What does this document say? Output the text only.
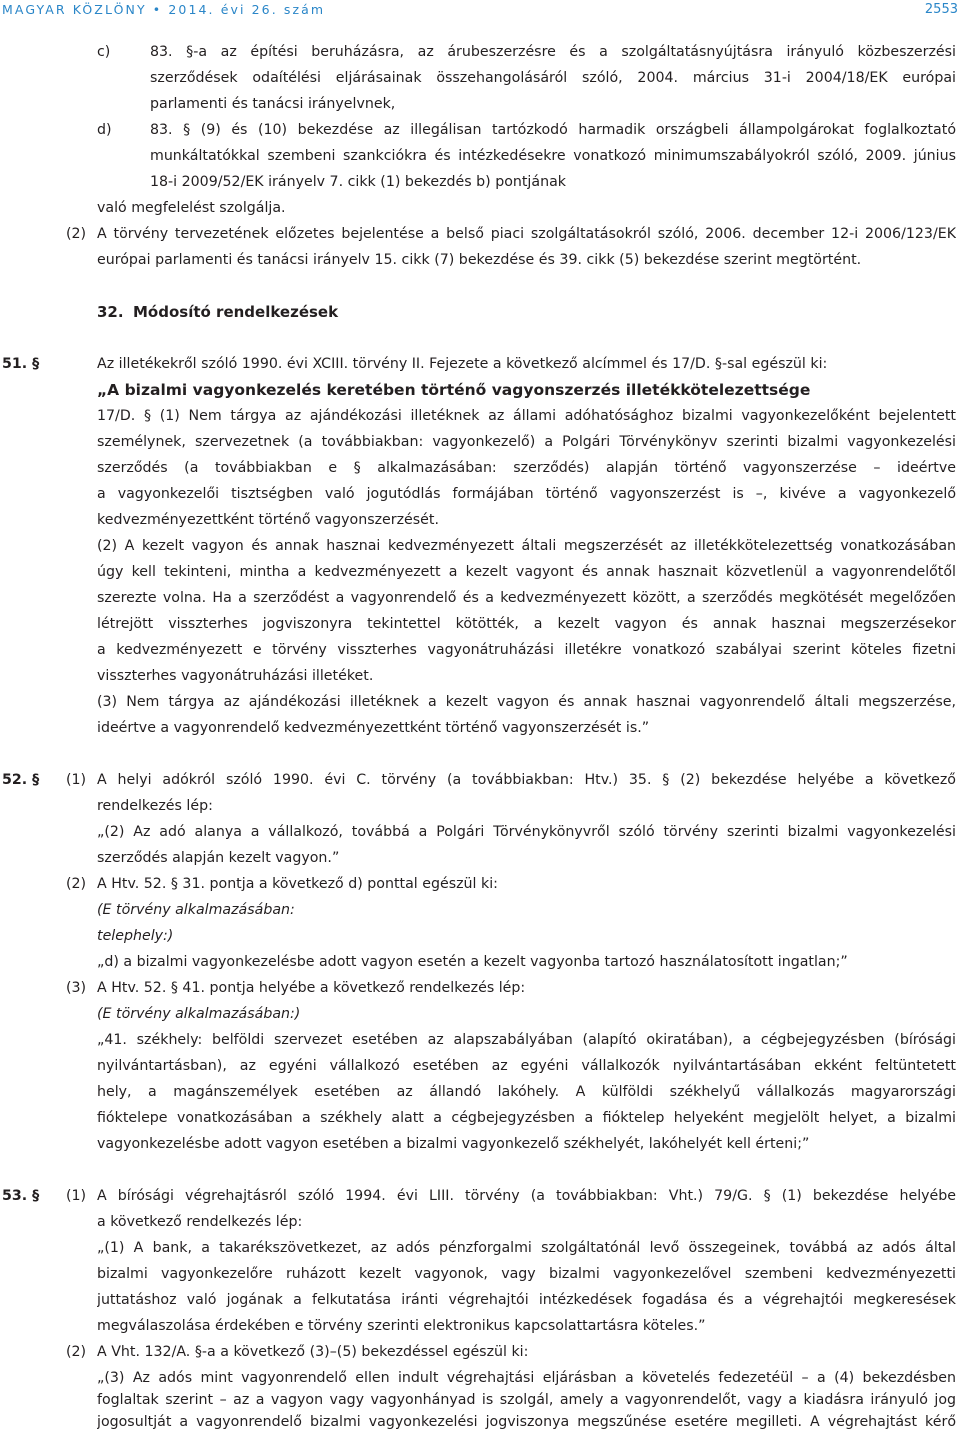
MAGYAR KÖZLÖNY • 2014. évi 26. szám	2553
c)	83. §-a az építési beruházásra, az árubeszerzésre és a szolgáltatásnyújtásra irányuló közbeszerzési
szerződések odaítélési eljárásainak összehangolásáról szóló, 2004. március 31-i 2004/18/EK európai
parlamenti és tanácsi irányelvnek,
d)	83. § (9) és (10) bekezdése az illegálisan tartózkodó harmadik országbeli állampolgárokat foglalkoztató
munkáltatókkal szembeni szankciókra és intézkedésekre vonatkozó minimumszabályokról szóló, 2009. június
18-i 2009/52/EK irányelv 7. cikk (1) bekezdés b) pontjának
való megfelelést szolgálja.
(2) A törvény tervezetének előzetes bejelentése a belső piaci szolgáltatásokról szóló, 2006. december 12-i 2006/123/EK
európai parlamenti és tanácsi irányelv 15. cikk (7) bekezdése és 39. cikk (5) bekezdése szerint megtörtént.
32. Módosító rendelkezések
51. §	Az illetékekről szóló 1990. évi XCIII. törvény II. Fejezete a következő alcímmel és 17/D. §-sal egészül ki:
„A bizalmi vagyonkezelés keretében történő vagyonszerzés illetékkötelezettsége
17/D. § (1) Nem tárgya az ajándékozási illetéknek az állami adóhatósághoz bizalmi vagyonkezelőként bejelentett
személynek, szervezetnek (a továbbiakban: vagyonkezelő) a Polgári Törvénykönyv szerinti bizalmi vagyonkezelési
szerződés (a továbbiakban e § alkalmazásában: szerződés) alapján történő vagyonszerzése – ideértve
a vagyonkezelői tisztségben való jogutódlás formájában történő vagyonszerzést is –, kivéve a vagyonkezelő
kedvezményezettként történő vagyonszerzését.
(2) A kezelt vagyon és annak hasznai kedvezményezett általi megszerzését az illetékkötelezettség vonatkozásában
úgy kell tekinteni, mintha a kedvezményezett a kezelt vagyont és annak hasznait közvetlenül a vagyonrendelőtől
szerezte volna. Ha a szerződést a vagyonrendelő és a kedvezményezett között, a szerződés megkötését megelőzően
létrejött visszterhes jogviszonyra tekintettel kötötték, a kezelt vagyon és annak hasznai megszerzésekor
a kedvezményezett e törvény visszterhes vagyonátruházási illetékre vonatkozó szabályai szerint köteles fizetni
visszterhes vagyonátruházási illetéket.
(3) Nem tárgya az ajándékozási illetéknek a kezelt vagyon és annak hasznai vagyonrendelő általi megszerzése,
ideértve a vagyonrendelő kedvezményezettként történő vagyonszerzését is.”
52. § (1) A helyi adókról szóló 1990. évi C. törvény (a továbbiakban: Htv.) 35. § (2) bekezdése helyébe a következő
rendelkezés lép:
„(2) Az adó alanya a vállalkozó, továbbá a Polgári Törvénykönyvről szóló törvény szerinti bizalmi vagyonkezelési
szerződés alapján kezelt vagyon.”
(2) A Htv. 52. § 31. pontja a következő d) ponttal egészül ki:
(E törvény alkalmazásában:
telephely:)
„d) a bizalmi vagyonkezelésbe adott vagyon esetén a kezelt vagyonba tartozó használatosított ingatlan;”
(3) A Htv. 52. § 41. pontja helyébe a következő rendelkezés lép:
(E törvény alkalmazásában:)
„41. székhely: belföldi szervezet esetében az alapszabályában (alapító okiratában), a cégbejegyzésben (bírósági
nyilvántartásban), az egyéni vállalkozó esetében az egyéni vállalkozók nyilvántartásában ekként feltüntetett
hely, a magánszemélyek esetében az állandó lakóhely. A külföldi székhelyű vállalkozás magyarországi
fióktelepe vonatkozásában a székhely alatt a cégbejegyzésben a fióktelep helyeként megjelölt helyet, a bizalmi
vagyonkezelésbe adott vagyon esetében a bizalmi vagyonkezelő székhelyét, lakóhelyét kell érteni;”
53. § (1) A bírósági végrehajtásról szóló 1994. évi LIII. törvény (a továbbiakban: Vht.) 79/G. § (1) bekezdése helyébe
a következő rendelkezés lép:
„(1) A bank, a takarékszövetkezet, az adós pénzforgalmi szolgáltatónál levő összegeinek, továbbá az adós által
bizalmi vagyonkezelőre ruházott kezelt vagyonok, vagy bizalmi vagyonkezelővel szembeni kedvezményezetti
juttatáshoz való jogának a felkutatása iránti végrehajtói intézkedések fogadása és a végrehajtói megkeresések
megválaszolása érdekében e törvény szerinti elektronikus kapcsolattartásra köteles.”
(2) A Vht. 132/A. §-a a következő (3)–(5) bekezdéssel egészül ki:
„(3) Az adós mint vagyonrendelő ellen indult végrehajtási eljárásban a követelés fedezetéül – a (4) bekezdésben
foglaltak szerint – az a vagyon vagy vagyonhányad is szolgál, amely a vagyonrendelőt, vagy a kiadásra irányuló jog
jogosultját a vagyonrendelő bizalmi vagyonkezelési jogviszonya megszűnése esetére megilleti. A végrehajtást kérő
